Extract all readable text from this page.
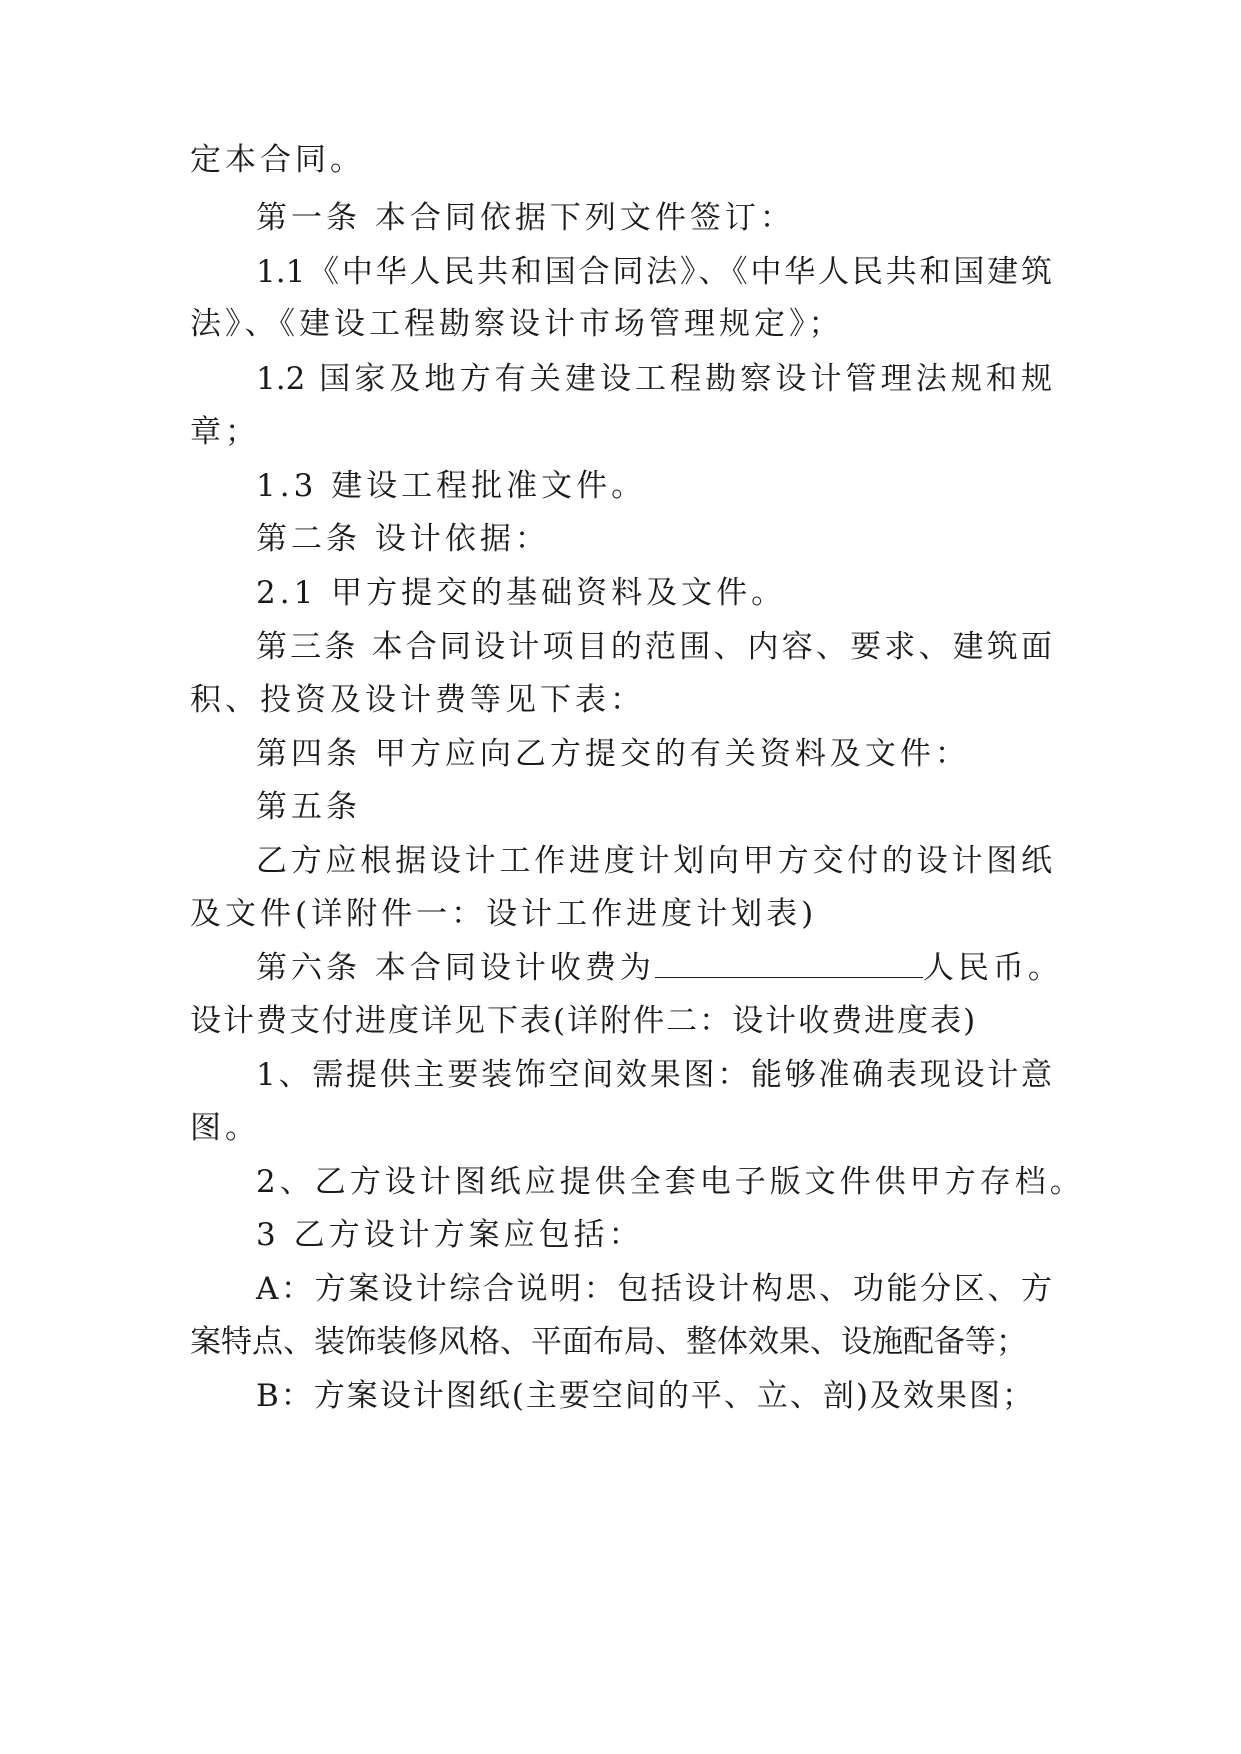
定本合同。
第一条 本合同依据下列文件签订：
1.1《中华人民共和国合同法》、《中华人民共和国建筑
法》、《建设工程勘察设计市场管理规定》；
1.2 国家及地方有关建设工程勘察设计管理法规和规
章；
1.3 建设工程批准文件。
第二条 设计依据：
2.1 甲方提交的基础资料及文件。
第三条 本合同设计项目的范围、内容、要求、建筑面
积、投资及设计费等见下表：
第四条 甲方应向乙方提交的有关资料及文件：
第五条
乙方应根据设计工作进度计划向甲方交付的设计图纸
及文件(详附件一：设计工作进度计划表)
第六条 本合同设计收费为	人民币。
设计费支付进度详见下表(详附件二：设计收费进度表)
1、需提供主要装饰空间效果图：能够准确表现设计意
图。
2、乙方设计图纸应提供全套电子版文件供甲方存档。
3 乙方设计方案应包括：
A：方案设计综合说明：包括设计构思、功能分区、方
案特点、装饰装修风格、平面布局、整体效果、设施配备等；
B：方案设计图纸(主要空间的平、立、剖)及效果图；
